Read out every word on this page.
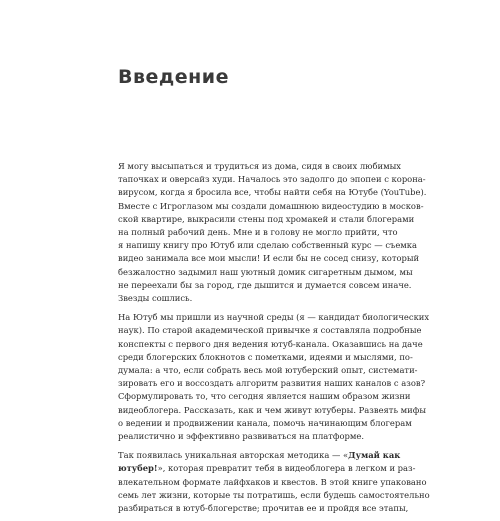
Введение

Я могу высыпаться и трудиться из дома, сидя в своих любимых
тапочках и оверсайз худи. Началось это задолго до эпопеи с корона-
вирусом, когда я бросила все, чтобы найти себя на Ютубе (YouTube).
Вместе с Игроглазом мы создали домашнюю видеостудию в москов-
ской квартире, выкрасили стены под хромакей и стали блогерами
на полный рабочий день. Мне и в голову не могло прийти, что
я напишу книгу про Ютуб или сделаю собственный курс — съемка
видео занимала все мои мысли! И если бы не сосед снизу, который
безжалостно задымил наш уютный домик сигаретным дымом, мы
не переехали бы за город, где дышится и думается совсем иначе.
Звезды сошлись.

На Ютуб мы пришли из научной среды (я — кандидат биологических
наук). По старой академической привычке я составляла подробные
конспекты с первого дня ведения ютуб-канала. Оказавшись на даче
среди блогерских блокнотов с пометками, идеями и мыслями, по-
думала: а что, если собрать весь мой ютуберский опыт, системати-
зировать его и воссоздать алгоритм развития наших каналов с азов?
Сформулировать то, что сегодня является нашим образом жизни
видеоблогера. Рассказать, как и чем живут ютуберы. Развеять мифы
о ведении и продвижении канала, помочь начинающим блогерам
реалистично и эффективно развиваться на платформе.

Так появилась уникальная авторская методика — «Думай как
ютубер!», которая превратит тебя в видеоблогера в легком и раз-
влекательном формате лайфхаков и квестов. В этой книге упаковано
семь лет жизни, которые ты потратишь, если будешь самостоятельно
разбираться в ютуб-блогерстве; прочитав ее и пройдя все этапы,
